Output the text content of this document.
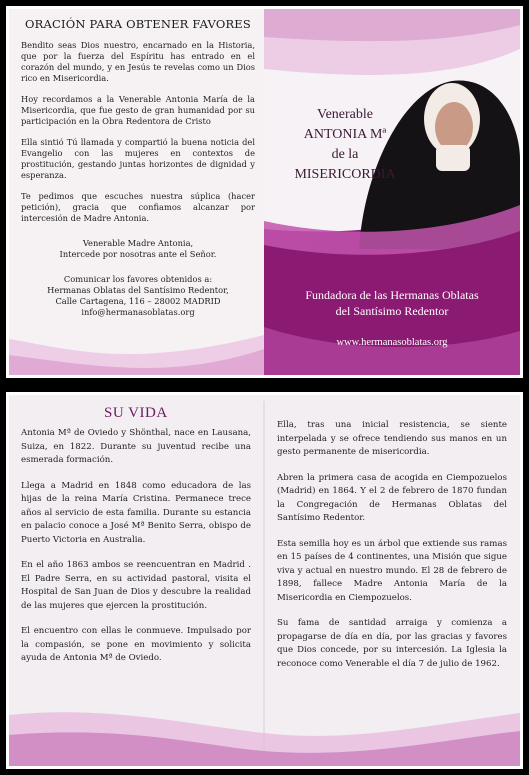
ORACIÓN PARA OBTENER FAVORES
Bendito seas Dios nuestro, encarnado en la Historia, que por la fuerza del Espíritu has entrado en el corazón del mundo, y en Jesús te revelas como un Dios rico en Misericordia.
Hoy recordamos a la Venerable Antonia María de la Misericordia, que fue gesto de gran humanidad por su participación en la Obra Redentora de Cristo
Ella sintió Tú llamada y compartió la buena noticia del Evangelio con las mujeres en contextos de prostitución, gestando juntas horizontes de dignidad y esperanza.
Te pedimos que escuches nuestra súplica (hacer petición), gracia que confiamos alcanzar por intercesión de Madre Antonia.
Venerable Madre Antonia,
Intercede por nosotras ante el Señor.
Comunicar los favores obtenidos a:
Hermanas Oblatas del Santísimo Redentor,
Calle Cartagena, 116 – 28002 MADRID
info@hermanasoblatas.org
Venerable
ANTONIA Mª
de la
MISERICORDIA
Fundadora de las Hermanas Oblatas
del Santísimo Redentor
www.hermanasoblatas.org
SU VIDA
Antonia Mª de Oviedo y Shönthal, nace en Lausana, Suiza, en 1822. Durante su juventud recibe una esmerada formación.
Llega a Madrid en 1848 como educadora de las hijas de la reina María Cristina. Permanece trece años al servicio de esta familia. Durante su estancia en palacio conoce a José Mª Benito Serra, obispo de Puerto Victoria en Australia.
En el año 1863 ambos se reencuentran en Madrid . El Padre Serra, en su actividad pastoral, visita el Hospital de San Juan de Dios y descubre la realidad de las mujeres que ejercen la prostitución.
El encuentro con ellas le conmueve. Impulsado por la compasión, se pone en movimiento y solicita ayuda de Antonia Mª de Oviedo.
Ella, tras una inicial resistencia, se siente interpelada y se ofrece tendiendo sus manos en un gesto permanente de misericordia.
Abren la primera casa de acogida en Ciempozuelos (Madrid) en 1864. Y el 2 de febrero de 1870 fundan la Congregación de Hermanas Oblatas del Santísimo Redentor.
Esta semilla hoy es un árbol que extiende sus ramas en 15 países de 4 continentes, una Misión que sigue viva y actual en nuestro mundo. El 28 de febrero de 1898, fallece Madre Antonia María de la Misericordia en Ciempozuelos.
Su fama de santidad arraiga y comienza a propagarse de día en día, por las gracias y favores que Dios concede, por su intercesión. La Iglesia la reconoce como Venerable el día 7 de julio de 1962.
